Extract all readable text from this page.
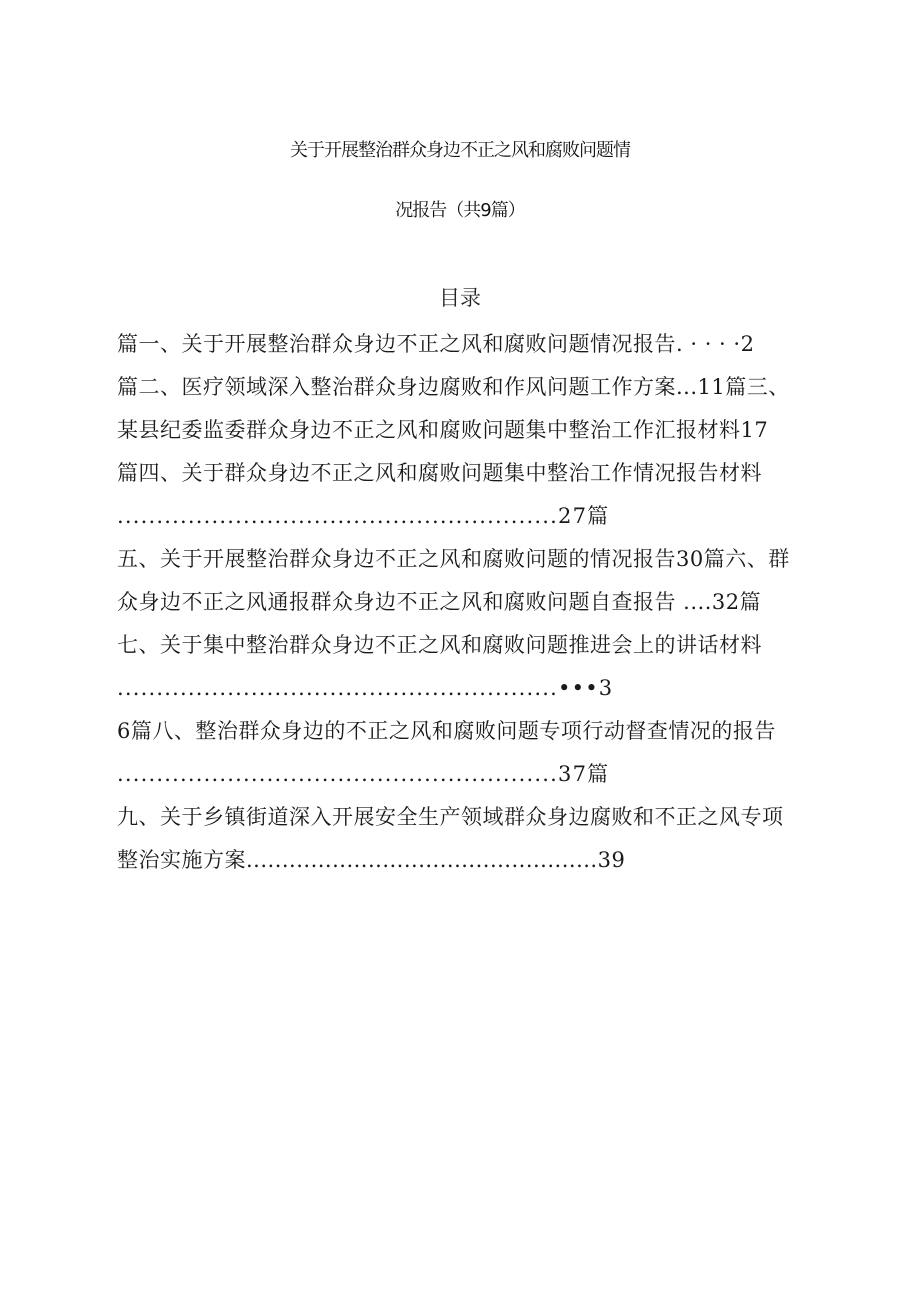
关于开展整治群众身边不正之风和腐败问题情
况报告（共9篇）
目录
篇一、关于开展整治群众身边不正之风和腐败问题情况报告. · · · ·2
篇二、医疗领域深入整治群众身边腐败和作风问题工作方案...11篇三、
某县纪委监委群众身边不正之风和腐败问题集中整治工作汇报材料17
篇四、关于群众身边不正之风和腐败问题集中整治工作情况报告材料
........................................................27篇
五、关于开展整治群众身边不正之风和腐败问题的情况报告30篇六、群
众身边不正之风通报群众身边不正之风和腐败问题自查报告 ....32篇
七、关于集中整治群众身边不正之风和腐败问题推进会上的讲话材料
........................................................•••3
6篇八、整治群众身边的不正之风和腐败问题专项行动督查情况的报告
........................................................37篇
九、关于乡镇街道深入开展安全生产领域群众身边腐败和不正之风专项
整治实施方案.................................................39
